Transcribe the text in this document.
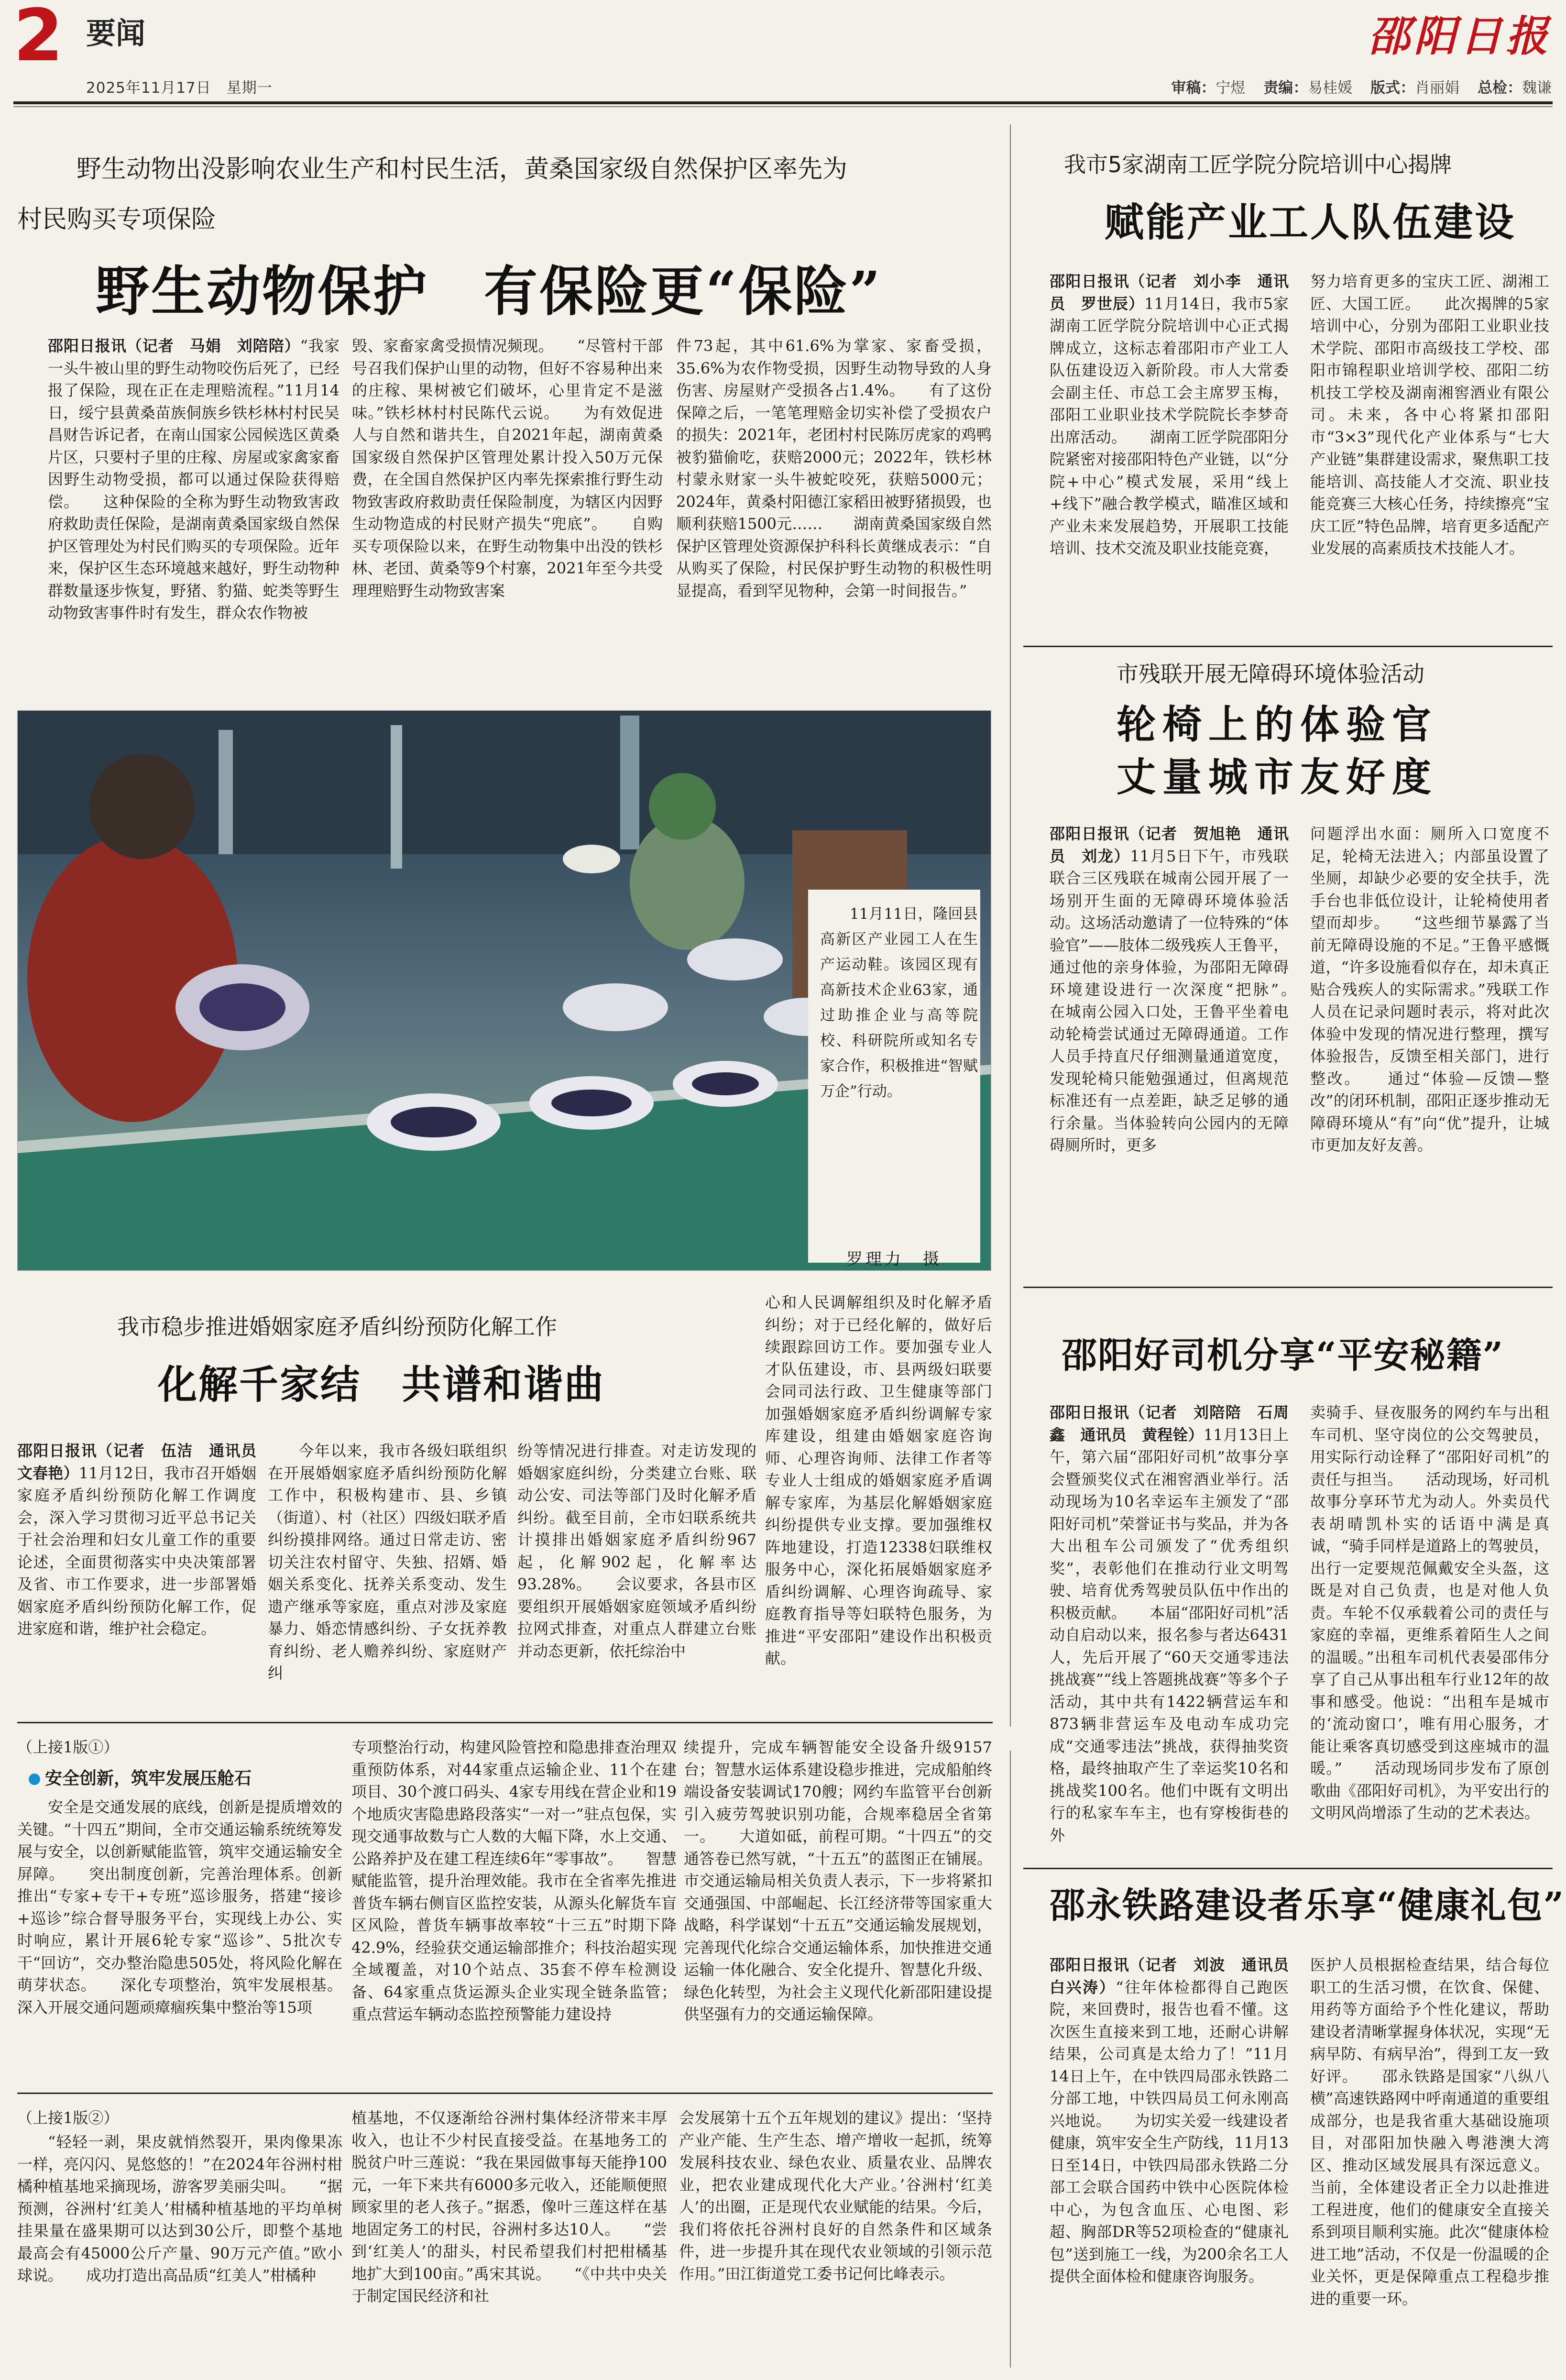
2 要闻
2025年11月17日　星期一
邵阳日报
审稿：宁煜 责编：易桂媛 版式：肖丽娟 总检：魏谦
野生动物出没影响农业生产和村民生活，黄桑国家级自然保护区率先为
村民购买专项保险
野生动物保护　有保险更“保险”

邵阳日报讯（记者　马娟　刘陪陪）“我家一头牛被山里的野生动物咬伤后死了，已经报了保险，现在正在走理赔流程。”11月14日，绥宁县黄桑苗族侗族乡铁杉林村村民吴昌财告诉记者，在南山国家公园候选区黄桑片区，只要村子里的庄稼、房屋或家禽家畜因野生动物受损，都可以通过保险获得赔偿。　　这种保险的全称为野生动物致害政府救助责任保险，是湖南黄桑国家级自然保护区管理处为村民们购买的专项保险。近年来，保护区生态环境越来越好，野生动物种群数量逐步恢复，野猪、豹猫、蛇类等野生动物致害事件时有发生，群众农作物被

毁、家畜家禽受损情况频现。　　“尽管村干部号召我们保护山里的动物，但好不容易种出来的庄稼、果树被它们破坏，心里肯定不是滋味。”铁杉林村村民陈代云说。　　为有效促进人与自然和谐共生，自2021年起，湖南黄桑国家级自然保护区管理处累计投入50万元保费，在全国自然保护区内率先探索推行野生动物致害政府救助责任保险制度，为辖区内因野生动物造成的村民财产损失“兜底”。　　自购买专项保险以来，在野生动物集中出没的铁杉林、老団、黄桑等9个村寨，2021年至今共受理理赔野生动物致害案

件73起，其中61.6%为掌家、家畜受损，35.6%为农作物受损，因野生动物导致的人身伤害、房屋财产受损各占1.4%。　　有了这份保障之后，一笔笔理赔金切实补偿了受损农户的损失：2021年，老团村村民陈厉虎家的鸡鸭被豹猫偷吃，获赔2000元；2022年，铁杉林村蒙永财家一头牛被蛇咬死，获赔5000元；2024年，黄桑村阳德江家稻田被野猪损毁，也顺利获赔1500元……　　湖南黄桑国家级自然保护区管理处资源保护科科长黄继成表示：“自从购买了保险，村民保护野生动物的积极性明显提高，看到罕见物种，会第一时间报告。”

11月11日，隆回县高新区产业园工人在生产运动鞋。该园区现有高新技术企业63家，通过助推企业与高等院校、科研院所或知名专家合作，积极推进“智赋万企”行动。

罗理力　摄
我市稳步推进婚姻家庭矛盾纠纷预防化解工作
化解千家结　共谱和谐曲

邵阳日报讯（记者　伍洁　通讯员　文春艳）11月12日，我市召开婚姻家庭矛盾纠纷预防化解工作调度会，深入学习贯彻习近平总书记关于社会治理和妇女儿童工作的重要论述，全面贯彻落实中央决策部署及省、市工作要求，进一步部署婚姻家庭矛盾纠纷预防化解工作，促进家庭和谐，维护社会稳定。

今年以来，我市各级妇联组织在开展婚姻家庭矛盾纠纷预防化解工作中，积极构建市、县、乡镇（街道）、村（社区）四级妇联矛盾纠纷摸排网络。通过日常走访、密切关注农村留守、失独、招婿、婚姻关系变化、抚养关系变动、发生遗产继承等家庭，重点对涉及家庭暴力、婚恋情感纠纷、子女抚养教育纠纷、老人赡养纠纷、家庭财产纠

纷等情况进行排查。对走访发现的婚姻家庭纠纷，分类建立台账、联动公安、司法等部门及时化解矛盾纠纷。截至目前，全市妇联系统共计摸排出婚姻家庭矛盾纠纷967起，化解902起，化解率达93.28%。　　会议要求，各县市区要组织开展婚姻家庭领域矛盾纠纷拉网式排查，对重点人群建立台账并动态更新，依托综治中

心和人民调解组织及时化解矛盾纠纷；对于已经化解的，做好后续跟踪回访工作。要加强专业人才队伍建设，市、县两级妇联要会同司法行政、卫生健康等部门加强婚姻家庭矛盾纠纷调解专家库建设，组建由婚姻家庭咨询师、心理咨询师、法律工作者等专业人士组成的婚姻家庭矛盾调解专家库，为基层化解婚姻家庭纠纷提供专业支撑。要加强维权阵地建设，打造12338妇联维权服务中心，深化拓展婚姻家庭矛盾纠纷调解、心理咨询疏导、家庭教育指导等妇联特色服务，为推进“平安邵阳”建设作出积极贡献。

（上接1版①）

安全创新，筑牢发展压舱石

安全是交通发展的底线，创新是提质增效的关键。“十四五”期间，全市交通运输系统统筹发展与安全，以创新赋能监管，筑牢交通运输安全屏障。　　突出制度创新，完善治理体系。创新推出“专家+专干+专班”巡诊服务，搭建“接诊+巡诊”综合督导服务平台，实现线上办公、实时响应，累计开展6轮专家“巡诊”、5批次专干“回访”，交办整治隐患505处，将风险化解在萌芽状态。　　深化专项整治，筑牢发展根基。深入开展交通问题顽瘴痼疾集中整治等15项

专项整治行动，构建风险管控和隐患排查治理双重预防体系，对44家重点运输企业、11个在建项目、30个渡口码头、4家专用线在营企业和19个地质灾害隐患路段落实“一对一”驻点包保，实现交通事故数与亡人数的大幅下降，水上交通、公路养护及在建工程连续6年“零事故”。　　智慧赋能监管，提升治理效能。我市在全省率先推进普货车辆右侧盲区监控安装，从源头化解货车盲区风险，普货车辆事故率较“十三五”时期下降42.9%，经验获交通运输部推介；科技治超实现全域覆盖，对10个站点、35套不停车检测设备、64家重点货运源头企业实现全链条监管；重点营运车辆动态监控预警能力建设持

续提升，完成车辆智能安全设备升级9157台；智慧水运体系建设稳步推进，完成船舶终端设备安装调试170艘；网约车监管平台创新引入疲劳驾驶识别功能，合规率稳居全省第一。　　大道如砥，前程可期。“十四五”的交通答卷已然写就，“十五五”的蓝图正在铺展。市交通运输局相关负责人表示，下一步将紧扣交通强国、中部崛起、长江经济带等国家重大战略，科学谋划“十五五”交通运输发展规划，完善现代化综合交通运输体系，加快推进交通运输一体化融合、安全化提升、智慧化升级、绿色化转型，为社会主义现代化新邵阳建设提供坚强有力的交通运输保障。

（上接1版②）

“轻轻一剥，果皮就悄然裂开，果肉像果冻一样，亮闪闪、晃悠悠的！”在2024年谷洲村柑橘种植基地采摘现场，游客罗美丽尖叫。　　“据预测，谷洲村‘红美人’柑橘种植基地的平均单树挂果量在盛果期可以达到30公斤，即整个基地最高会有45000公斤产量、90万元产值。”欧小球说。　　成功打造出高品质“红美人”柑橘种

植基地，不仅逐渐给谷洲村集体经济带来丰厚收入，也让不少村民直接受益。在基地务工的脱贫户叶三莲说：“我在果园做事每天能挣100元，一年下来共有6000多元收入，还能顺便照顾家里的老人孩子。”据悉，像叶三莲这样在基地固定务工的村民，谷洲村多达10人。　　“尝到‘红美人’的甜头，村民希望我们村把柑橘基地扩大到100亩。”禹宋其说。　　“《中共中央关于制定国民经济和社

会发展第十五个五年规划的建议》提出：‘坚持产业产能、生产生态、增产增收一起抓，统筹发展科技农业、绿色农业、质量农业、品牌农业，把农业建成现代化大产业。’谷洲村‘红美人’的出圈，正是现代农业赋能的结果。今后，我们将依托谷洲村良好的自然条件和区域条件，进一步提升其在现代农业领域的引领示范作用。”田江街道党工委书记何比峰表示。

我市5家湖南工匠学院分院培训中心揭牌
赋能产业工人队伍建设

邵阳日报讯（记者　刘小李　通讯员　罗世辰）11月14日，我市5家湖南工匠学院分院培训中心正式揭牌成立，这标志着邵阳市产业工人队伍建设迈入新阶段。市人大常委会副主任、市总工会主席罗玉梅，邵阳工业职业技术学院院长李梦奇出席活动。　　湖南工匠学院邵阳分院紧密对接邵阳特色产业链，以“分院+中心”模式发展，采用“线上+线下”融合教学模式，瞄准区域和产业未来发展趋势，开展职工技能培训、技术交流及职业技能竞赛，

努力培育更多的宝庆工匠、湖湘工匠、大国工匠。　　此次揭牌的5家培训中心，分别为邵阳工业职业技术学院、邵阳市高级技工学校、邵阳市锦程职业培训学校、邵阳二纺机技工学校及湖南湘窖酒业有限公司。未来，各中心将紧扣邵阳市“3×3”现代化产业体系与“七大产业链”集群建设需求，聚焦职工技能培训、高技能人才交流、职业技能竞赛三大核心任务，持续擦亮“宝庆工匠”特色品牌，培育更多适配产业发展的高素质技术技能人才。

市残联开展无障碍环境体验活动
轮椅上的体验官
丈量城市友好度

邵阳日报讯（记者　贺旭艳　通讯员　刘龙）11月5日下午，市残联联合三区残联在城南公园开展了一场别开生面的无障碍环境体验活动。这场活动邀请了一位特殊的“体验官”——肢体二级残疾人王鲁平，通过他的亲身体验，为邵阳无障碍环境建设进行一次深度“把脉”。　　在城南公园入口处，王鲁平坐着电动轮椅尝试通过无障碍通道。工作人员手持直尺仔细测量通道宽度，发现轮椅只能勉强通过，但离规范标准还有一点差距，缺乏足够的通行余量。当体验转向公园内的无障碍厕所时，更多

问题浮出水面：厕所入口宽度不足，轮椅无法进入；内部虽设置了坐厕，却缺少必要的安全扶手，洗手台也非低位设计，让轮椅使用者望而却步。　　“这些细节暴露了当前无障碍设施的不足。”王鲁平感慨道，“许多设施看似存在，却未真正贴合残疾人的实际需求。”残联工作人员在记录问题时表示，将对此次体验中发现的情况进行整理，撰写体验报告，反馈至相关部门，进行整改。　　通过“体验—反馈—整改”的闭环机制，邵阳正逐步推动无障碍环境从“有”向“优”提升，让城市更加友好友善。

邵阳好司机分享“平安秘籍”

邵阳日报讯（记者　刘陪陪　石周鑫　通讯员　黄程铨）11月13日上午，第六届“邵阳好司机”故事分享会暨颁奖仪式在湘窖酒业举行。活动现场为10名幸运车主颁发了“邵阳好司机”荣誉证书与奖品，并为各大出租车公司颁发了“优秀组织奖”，表彰他们在推动行业文明驾驶、培育优秀驾驶员队伍中作出的积极贡献。　　本届“邵阳好司机”活动自启动以来，报名参与者达6431人，先后开展了“60天交通零违法挑战赛”“线上答题挑战赛”等多个子活动，其中共有1422辆营运车和873辆非营运车及电动车成功完成“交通零违法”挑战，获得抽奖资格，最终抽取产生了幸运奖10名和挑战奖100名。他们中既有文明出行的私家车车主，也有穿梭街巷的外

卖骑手、昼夜服务的网约车与出租车司机、坚守岗位的公交驾驶员，用实际行动诠释了“邵阳好司机”的责任与担当。　　活动现场，好司机故事分享环节尤为动人。外卖员代表胡晴凯朴实的话语中满是真诚，“骑手同样是道路上的驾驶员，出行一定要规范佩戴安全头盔，这既是对自己负责，也是对他人负责。车轮不仅承载着公司的责任与家庭的幸福，更维系着陌生人之间的温暖。”出租车司机代表晏邵伟分享了自己从事出租车行业12年的故事和感受。他说：“出租车是城市的‘流动窗口’，唯有用心服务，才能让乘客真切感受到这座城市的温暖。”　　活动现场同步发布了原创歌曲《邵阳好司机》，为平安出行的文明风尚增添了生动的艺术表达。

邵永铁路建设者乐享“健康礼包”

邵阳日报讯（记者　刘波　通讯员　白兴涛）“往年体检都得自己跑医院，来回费时，报告也看不懂。这次医生直接来到工地，还耐心讲解结果，公司真是太给力了！”11月14日上午，在中铁四局邵永铁路二分部工地，中铁四局员工何永刚高兴地说。　　为切实关爱一线建设者健康，筑牢安全生产防线，11月13日至14日，中铁四局邵永铁路二分部工会联合国药中铁中心医院体检中心，为包含血压、心电图、彩超、胸部DR等52项检查的“健康礼包”送到施工一线，为200余名工人提供全面体检和健康咨询服务。

医护人员根据检查结果，结合每位职工的生活习惯，在饮食、保健、用药等方面给予个性化建议，帮助建设者清晰掌握身体状况，实现“无病早防、有病早治”，得到工友一致好评。　　邵永铁路是国家“八纵八横”高速铁路网中呼南通道的重要组成部分，也是我省重大基础设施项目，对邵阳加快融入粤港澳大湾区、推动区域发展具有深远意义。当前，全体建设者正全力以赴推进工程进度，他们的健康安全直接关系到项目顺利实施。此次“健康体检进工地”活动，不仅是一份温暖的企业关怀，更是保障重点工程稳步推进的重要一环。
